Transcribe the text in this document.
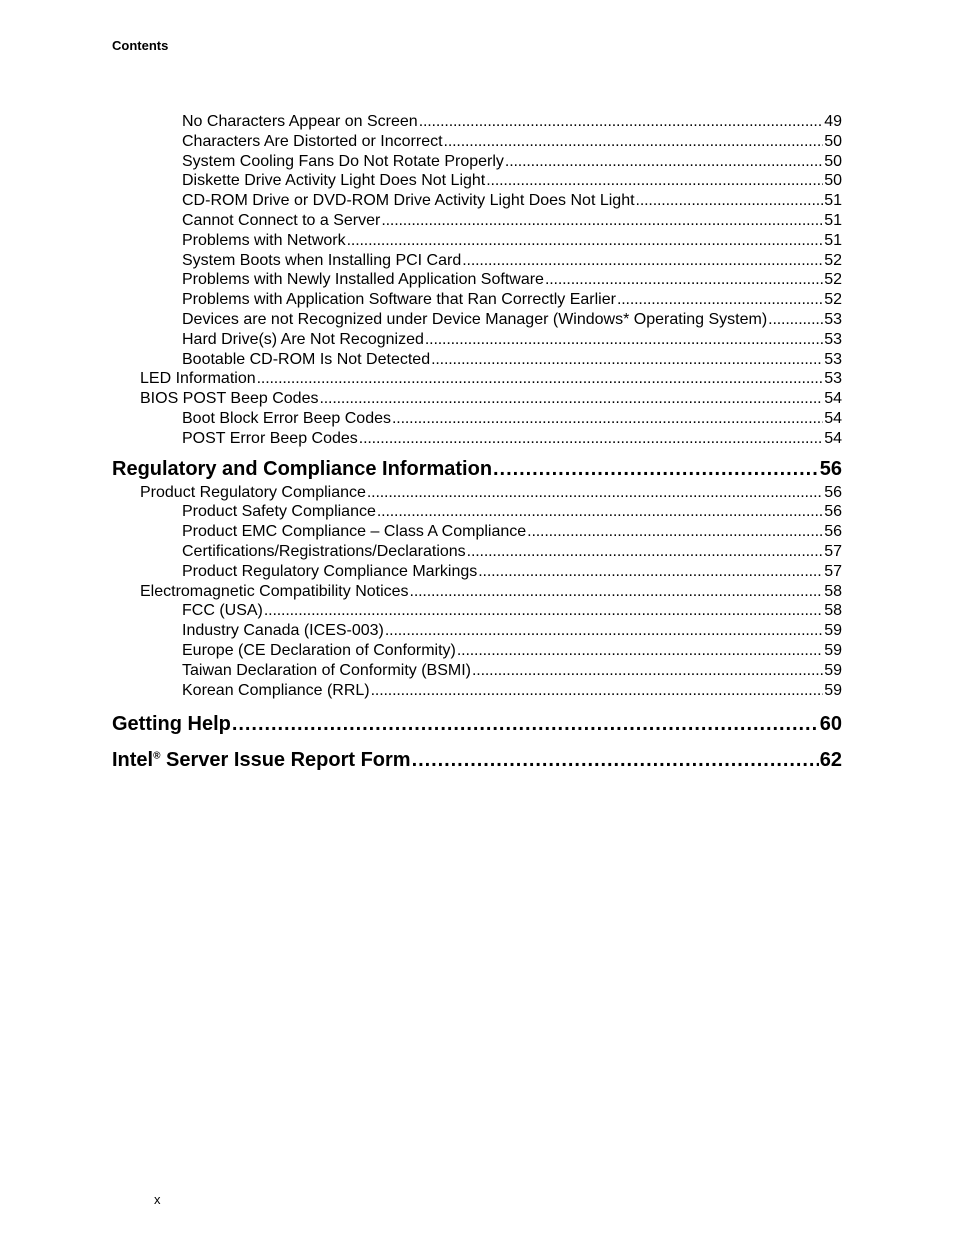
Contents
No Characters Appear on Screen . . .	49
Characters Are Distorted or Incorrect . . .	50
System Cooling Fans Do Not Rotate Properly . . .	50
Diskette Drive Activity Light Does Not Light . . .	50
CD-ROM Drive or DVD-ROM Drive Activity Light Does Not Light . . .	51
Cannot Connect to a Server . . .	51
Problems with Network . . .	51
System Boots when Installing PCI Card . . .	52
Problems with Newly Installed Application Software . . .	52
Problems with Application Software that Ran Correctly Earlier . . .	52
Devices are not Recognized under Device Manager (Windows* Operating System) . . .	53
Hard Drive(s) Are Not Recognized . . .	53
Bootable CD-ROM Is Not Detected . . .	53
LED Information . . .	53
BIOS POST Beep Codes . . .	54
Boot Block Error Beep Codes . . .	54
POST Error Beep Codes . . .	54
Regulatory and Compliance Information . . .	56
Product Regulatory Compliance . . .	56
Product Safety Compliance . . .	56
Product EMC Compliance – Class A Compliance . . .	56
Certifications/Registrations/Declarations . . .	57
Product Regulatory Compliance Markings . . .	57
Electromagnetic Compatibility Notices . . .	58
FCC (USA) . . .	58
Industry Canada (ICES-003) . . .	59
Europe (CE Declaration of Conformity) . . .	59
Taiwan Declaration of Conformity (BSMI) . . .	59
Korean Compliance (RRL) . . .	59
Getting Help . . .	60
Intel® Server Issue Report Form . . .	62
x
